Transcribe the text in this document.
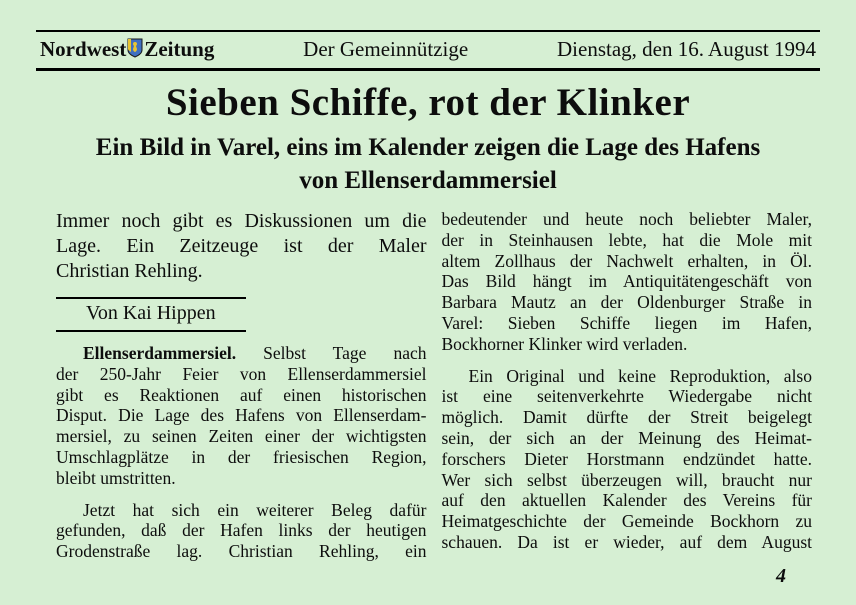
Nordwest Zeitung	Der Gemeinnützige	Dienstag, den 16. August 1994
Sieben Schiffe, rot der Klinker
Ein Bild in Varel, eins im Kalender zeigen die Lage des Hafens
von Ellenserdammersiel
Immer noch gibt es Diskussionen um die
Lage. Ein Zeitzeuge ist der Maler
Christian Rehling.
Von Kai Hippen
Ellenserdammersiel. Selbst Tage nach
der 250-Jahr Feier von Ellenserdammersiel
gibt es Reaktionen auf einen historischen
Disput. Die Lage des Hafens von Ellenserdam-
mersiel, zu seinen Zeiten einer der wichtigsten
Umschlagplätze in der friesischen Region,
bleibt umstritten.
Jetzt hat sich ein weiterer Beleg dafür
gefunden, daß der Hafen links der heutigen
Grodenstraße lag. Christian Rehling, ein
bedeutender und heute noch beliebter Maler,
der in Steinhausen lebte, hat die Mole mit
altem Zollhaus der Nachwelt erhalten, in Öl.
Das Bild hängt im Antiquitätengeschäft von
Barbara Mautz an der Oldenburger Straße in
Varel: Sieben Schiffe liegen im Hafen,
Bockhorner Klinker wird verladen.
Ein Original und keine Reproduktion, also
ist eine seitenverkehrte Wiedergabe nicht
möglich. Damit dürfte der Streit beigelegt
sein, der sich an der Meinung des Heimat-
forschers Dieter Horstmann endzündet hatte.
Wer sich selbst überzeugen will, braucht nur
auf den aktuellen Kalender des Vereins für
Heimatgeschichte der Gemeinde Bockhorn zu
schauen. Da ist er wieder, auf dem August
4
